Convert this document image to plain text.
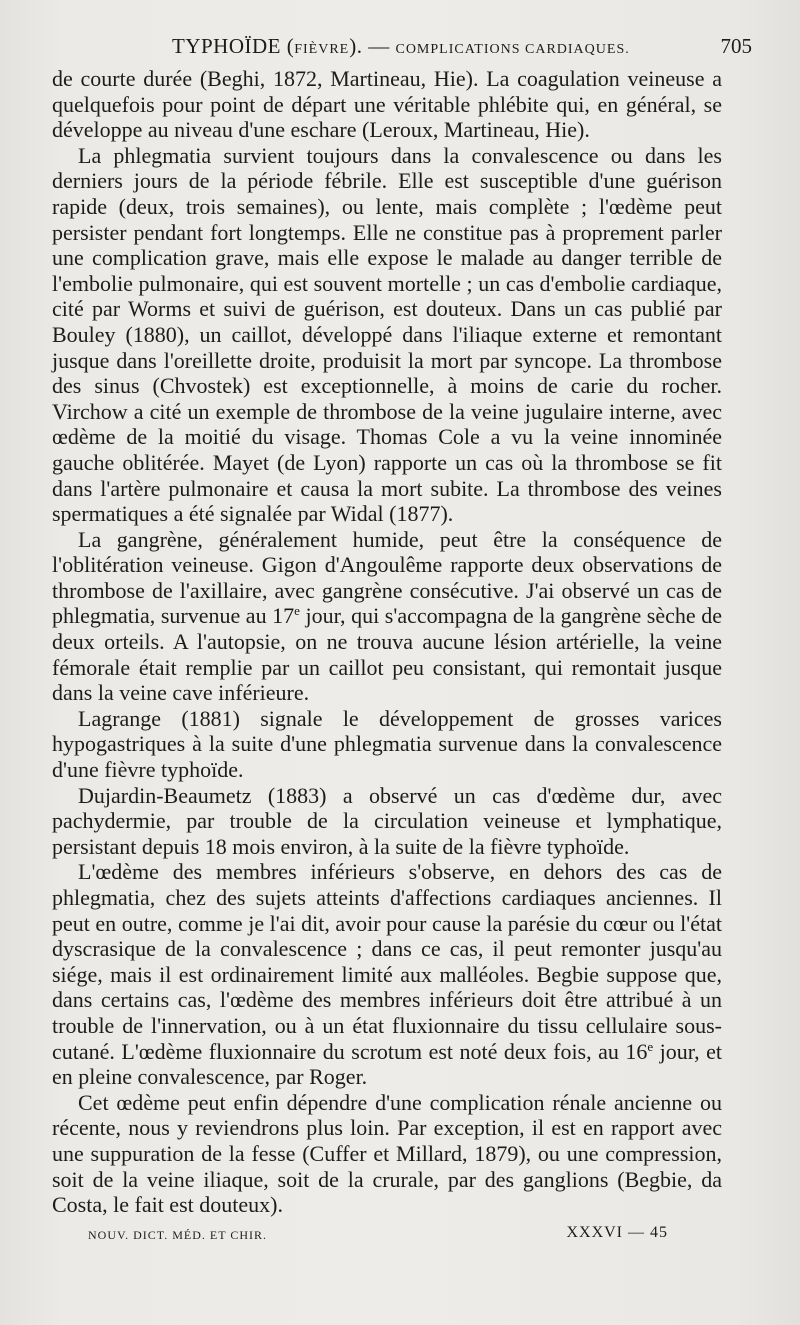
TYPHOÏDE (FIÈVRE). — COMPLICATIONS CARDIAQUES.	705

de courte durée (Beghi, 1872, Martineau, Hie). La coagulation veineuse a quelquefois pour point de départ une véritable phlébite qui, en général, se développe au niveau d'une eschare (Leroux, Martineau, Hie).

La phlegmatia survient toujours dans la convalescence ou dans les derniers jours de la période fébrile. Elle est susceptible d'une guérison rapide (deux, trois semaines), ou lente, mais complète ; l'œdème peut persister pendant fort longtemps. Elle ne constitue pas à proprement parler une complication grave, mais elle expose le malade au danger terrible de l'embolie pulmonaire, qui est souvent mortelle ; un cas d'embolie cardiaque, cité par Worms et suivi de guérison, est douteux. Dans un cas publié par Bouley (1880), un caillot, développé dans l'iliaque externe et remontant jusque dans l'oreillette droite, produisit la mort par syncope. La thrombose des sinus (Chvostek) est exceptionnelle, à moins de carie du rocher. Virchow a cité un exemple de thrombose de la veine jugulaire interne, avec œdème de la moitié du visage. Thomas Cole a vu la veine innominée gauche oblitérée. Mayet (de Lyon) rapporte un cas où la thrombose se fit dans l'artère pulmonaire et causa la mort subite. La thrombose des veines spermatiques a été signalée par Widal (1877).

La gangrène, généralement humide, peut être la conséquence de l'oblitération veineuse. Gigon d'Angoulême rapporte deux observations de thrombose de l'axillaire, avec gangrène consécutive. J'ai observé un cas de phlegmatia, survenue au 17e jour, qui s'accompagna de la gangrène sèche de deux orteils. A l'autopsie, on ne trouva aucune lésion artérielle, la veine fémorale était remplie par un caillot peu consistant, qui remontait jusque dans la veine cave inférieure.

Lagrange (1881) signale le développement de grosses varices hypogastriques à la suite d'une phlegmatia survenue dans la convalescence d'une fièvre typhoïde.

Dujardin-Beaumetz (1883) a observé un cas d'œdème dur, avec pachydermie, par trouble de la circulation veineuse et lymphatique, persistant depuis 18 mois environ, à la suite de la fièvre typhoïde.

L'œdème des membres inférieurs s'observe, en dehors des cas de phlegmatia, chez des sujets atteints d'affections cardiaques anciennes. Il peut en outre, comme je l'ai dit, avoir pour cause la parésie du cœur ou l'état dyscrasique de la convalescence ; dans ce cas, il peut remonter jusqu'au siége, mais il est ordinairement limité aux malléoles. Begbie suppose que, dans certains cas, l'œdème des membres inférieurs doit être attribué à un trouble de l'innervation, ou à un état fluxionnaire du tissu cellulaire sous-cutané. L'œdème fluxionnaire du scrotum est noté deux fois, au 16e jour, et en pleine convalescence, par Roger.

Cet œdème peut enfin dépendre d'une complication rénale ancienne ou récente, nous y reviendrons plus loin. Par exception, il est en rapport avec une suppuration de la fesse (Cuffer et Millard, 1879), ou une compression, soit de la veine iliaque, soit de la crurale, par des ganglions (Begbie, da Costa, le fait est douteux).

NOUV. DICT. MÉD. ET CHIR.	XXXVI — 45
